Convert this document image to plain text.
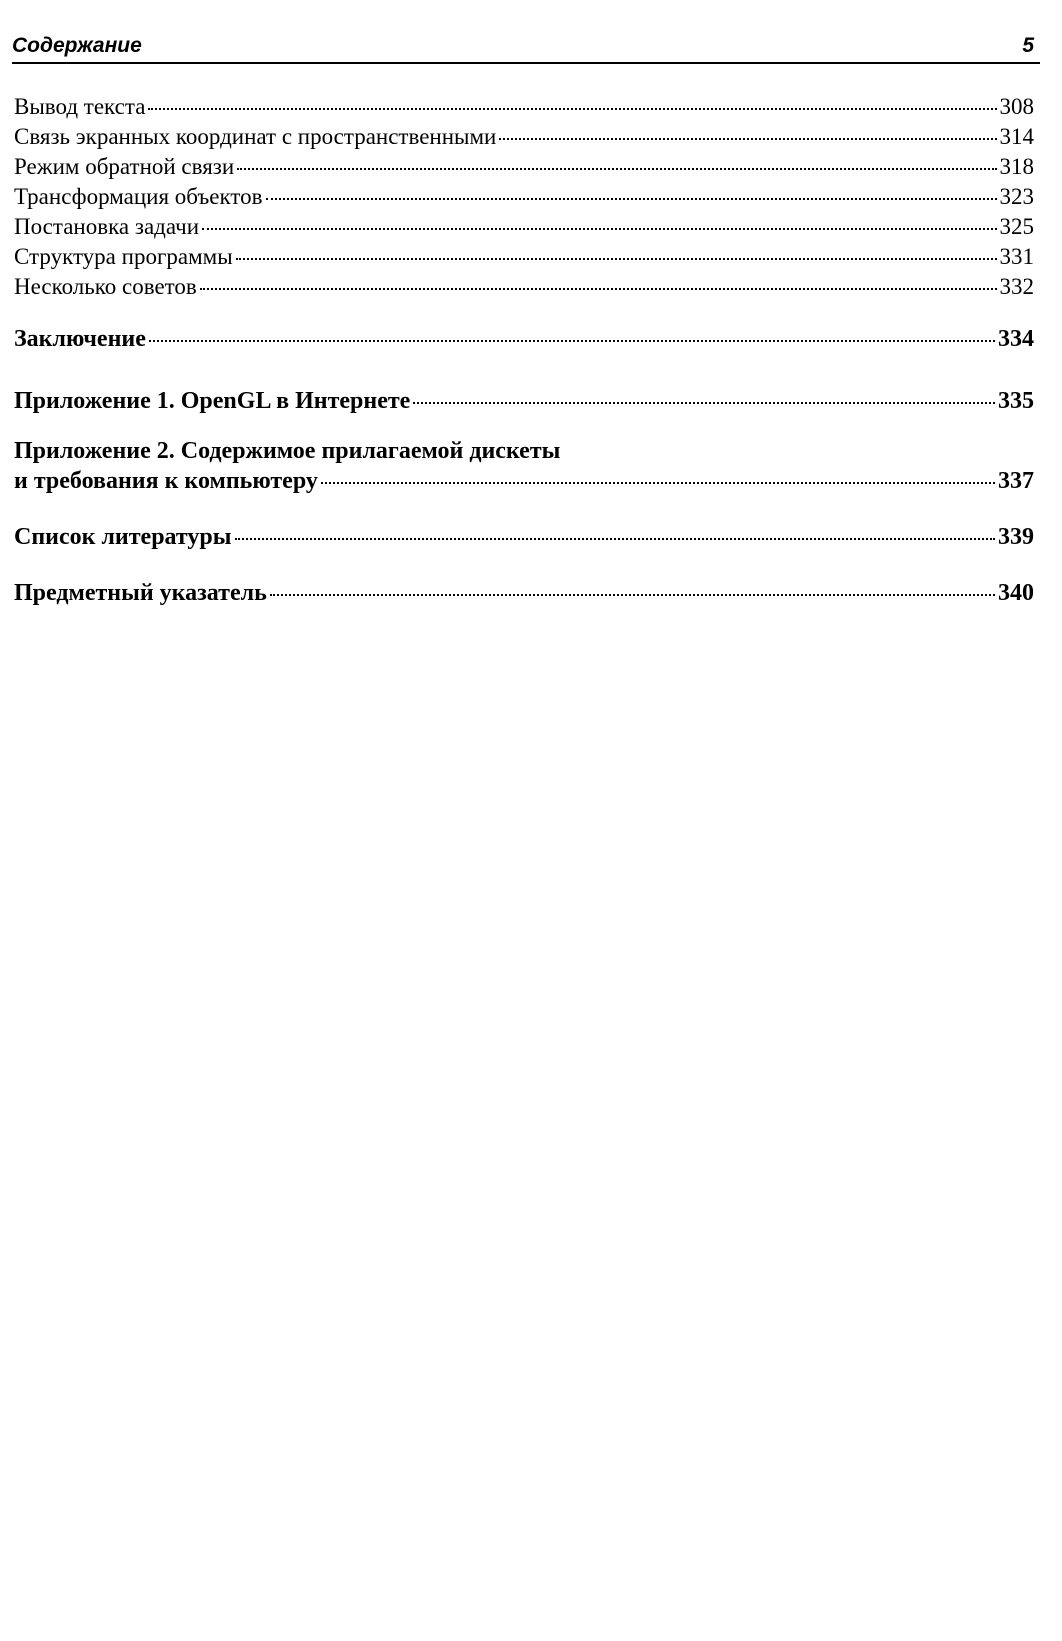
Содержание	5
Вывод текста	308
Связь экранных координат с пространственными	314
Режим обратной связи	318
Трансформация объектов	323
Постановка задачи	325
Структура программы	331
Несколько советов	332
Заключение	334
Приложение 1. OpenGL в Интернете	335
Приложение 2. Содержимое прилагаемой дискеты
и требования к компьютеру	337
Список литературы	339
Предметный указатель	340
